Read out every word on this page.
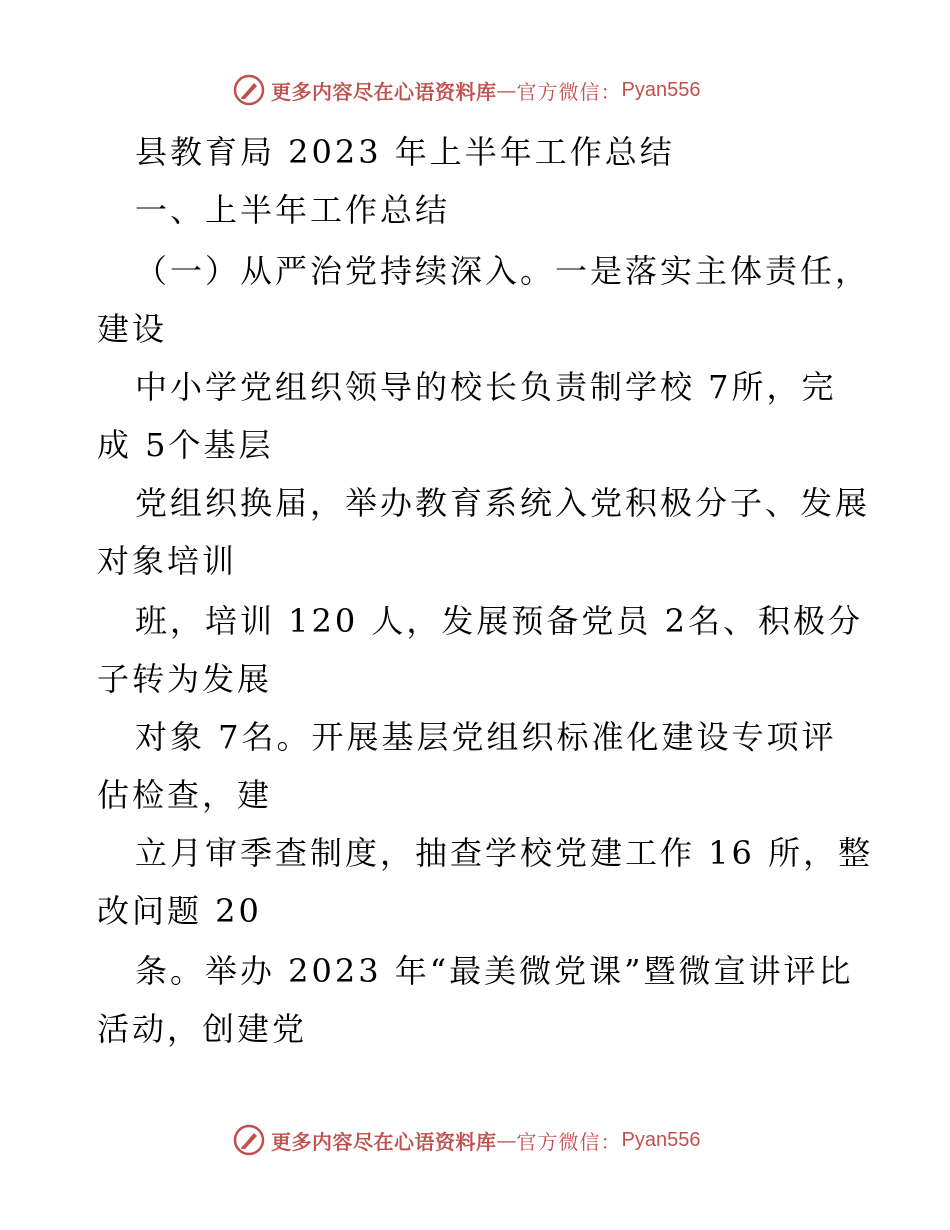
更多内容尽在心语资料库 — 官方微信： Pyan556
县教育局 2023 年上半年工作总结
一、上半年工作总结
（一）从严治党持续深入。一是落实主体责任，
建设
中小学党组织领导的校长负责制学校 7所，完
成 5个基层
党组织换届，举办教育系统入党积极分子、发展
对象培训
班，培训 120 人，发展预备党员 2名、积极分
子转为发展
对象 7名。开展基层党组织标准化建设专项评
估检查，建
立月审季查制度，抽查学校党建工作 16 所，整
改问题 20
条。举办 2023 年“最美微党课”暨微宣讲评比
活动，创建党
更多内容尽在心语资料库 — 官方微信： Pyan556
